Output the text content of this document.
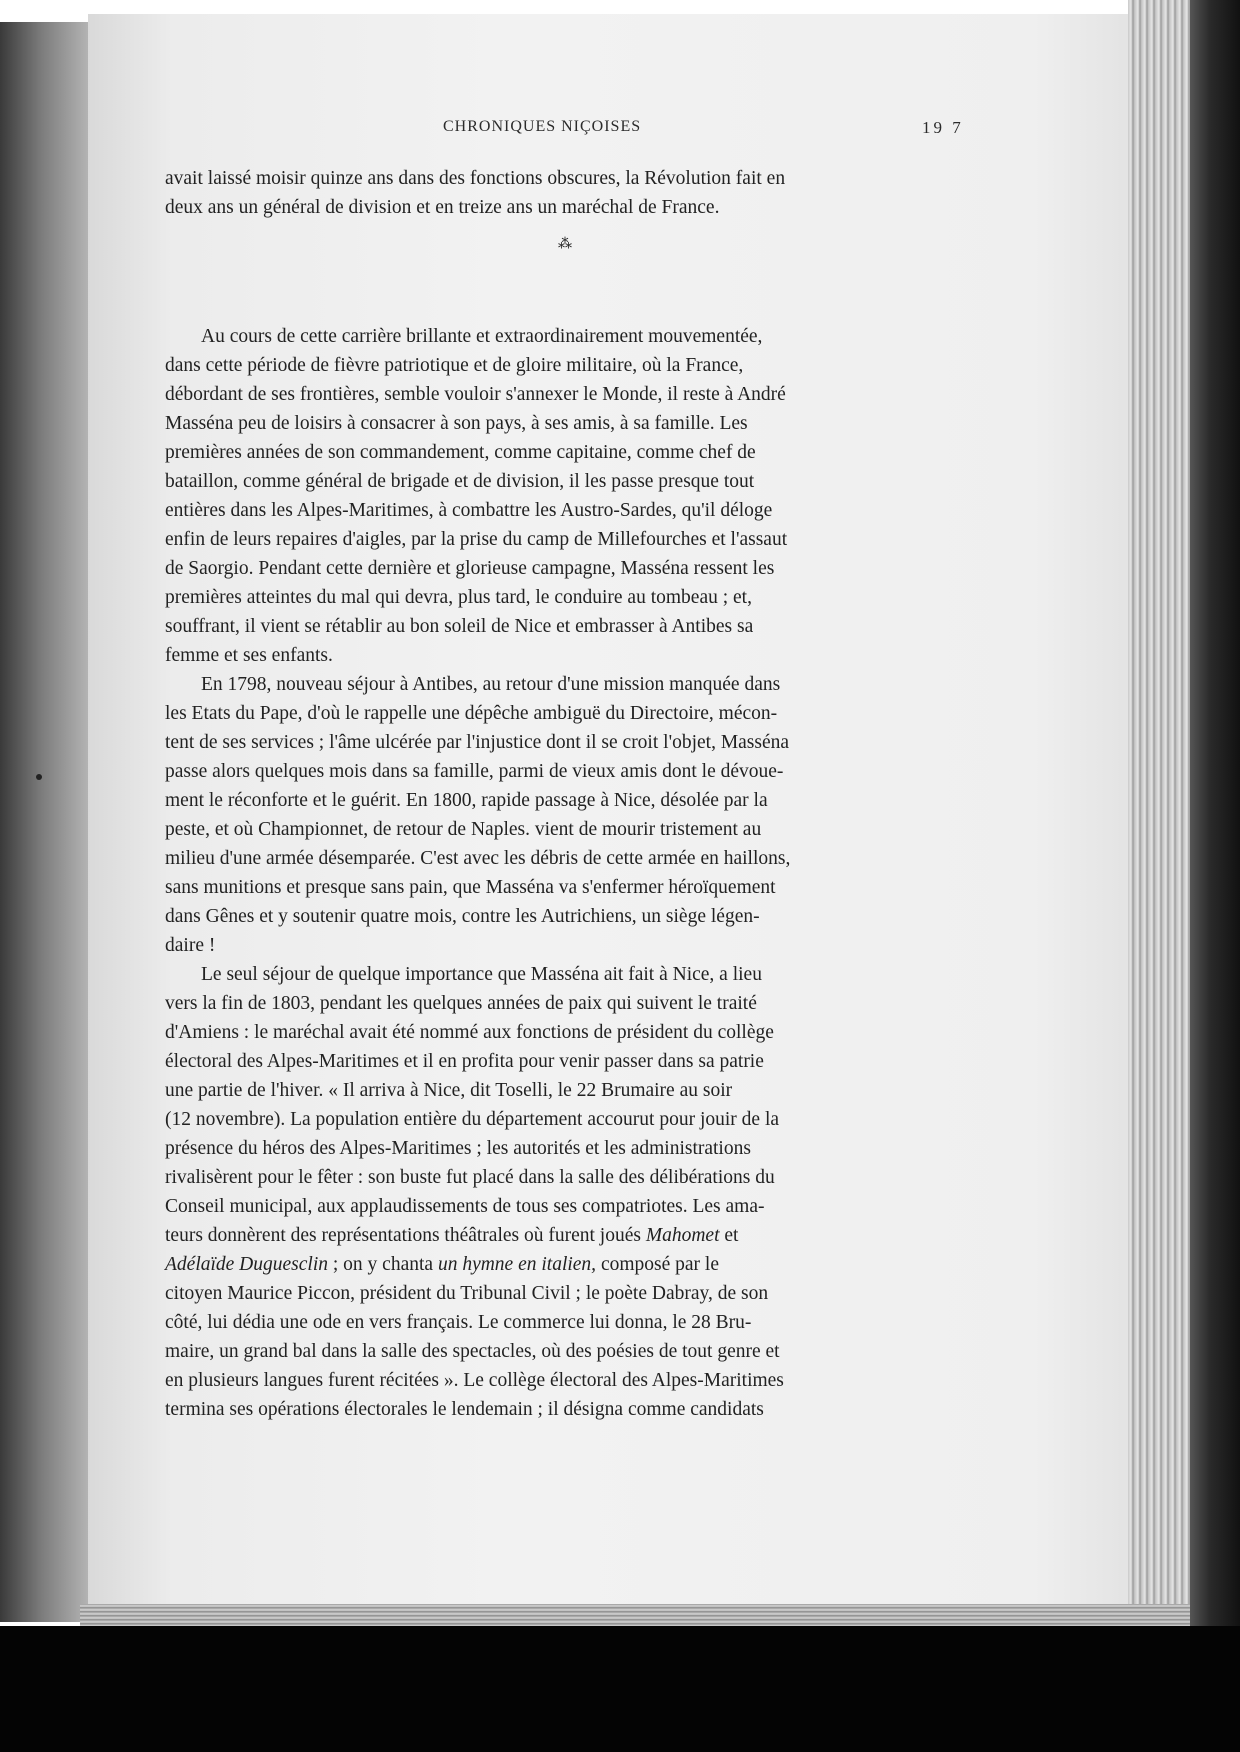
CHRONIQUES NIÇOISES	19 7
avait laissé moisir quinze ans dans des fonctions obscures, la Révolution fait en
deux ans un général de division et en treize ans un maréchal de France.
⁂
Au cours de cette carrière brillante et extraordinairement mouvementée,
dans cette période de fièvre patriotique et de gloire militaire, où la France,
débordant de ses frontières, semble vouloir s'annexer le Monde, il reste à André
Masséna peu de loisirs à consacrer à son pays, à ses amis, à sa famille. Les
premières années de son commandement, comme capitaine, comme chef de
bataillon, comme général de brigade et de division, il les passe presque tout
entières dans les Alpes-Maritimes, à combattre les Austro-Sardes, qu'il déloge
enfin de leurs repaires d'aigles, par la prise du camp de Millefourches et l'assaut
de Saorgio. Pendant cette dernière et glorieuse campagne, Masséna ressent les
premières atteintes du mal qui devra, plus tard, le conduire au tombeau ; et,
souffrant, il vient se rétablir au bon soleil de Nice et embrasser à Antibes sa
femme et ses enfants.
En 1798, nouveau séjour à Antibes, au retour d'une mission manquée dans
les Etats du Pape, d'où le rappelle une dépêche ambiguë du Directoire, mécon-
tent de ses services ; l'âme ulcérée par l'injustice dont il se croit l'objet, Masséna
passe alors quelques mois dans sa famille, parmi de vieux amis dont le dévoue-
ment le réconforte et le guérit. En 1800, rapide passage à Nice, désolée par la
peste, et où Championnet, de retour de Naples. vient de mourir tristement au
milieu d'une armée désemparée. C'est avec les débris de cette armée en haillons,
sans munitions et presque sans pain, que Masséna va s'enfermer héroïquement
dans Gênes et y soutenir quatre mois, contre les Autrichiens, un siège légen-
daire !
Le seul séjour de quelque importance que Masséna ait fait à Nice, a lieu
vers la fin de 1803, pendant les quelques années de paix qui suivent le traité
d'Amiens : le maréchal avait été nommé aux fonctions de président du collège
électoral des Alpes-Maritimes et il en profita pour venir passer dans sa patrie
une partie de l'hiver. « Il arriva à Nice, dit Toselli, le 22 Brumaire au soir
(12 novembre). La population entière du département accourut pour jouir de la
présence du héros des Alpes-Maritimes ; les autorités et les administrations
rivalisèrent pour le fêter : son buste fut placé dans la salle des délibérations du
Conseil municipal, aux applaudissements de tous ses compatriotes. Les ama-
teurs donnèrent des représentations théâtrales où furent joués Mahomet et
Adélaïde Duguesclin ; on y chanta un hymne en italien, composé par le
citoyen Maurice Piccon, président du Tribunal Civil ; le poète Dabray, de son
côté, lui dédia une ode en vers français. Le commerce lui donna, le 28 Bru-
maire, un grand bal dans la salle des spectacles, où des poésies de tout genre et
en plusieurs langues furent récitées ». Le collège électoral des Alpes-Maritimes
termina ses opérations électorales le lendemain ; il désigna comme candidats
